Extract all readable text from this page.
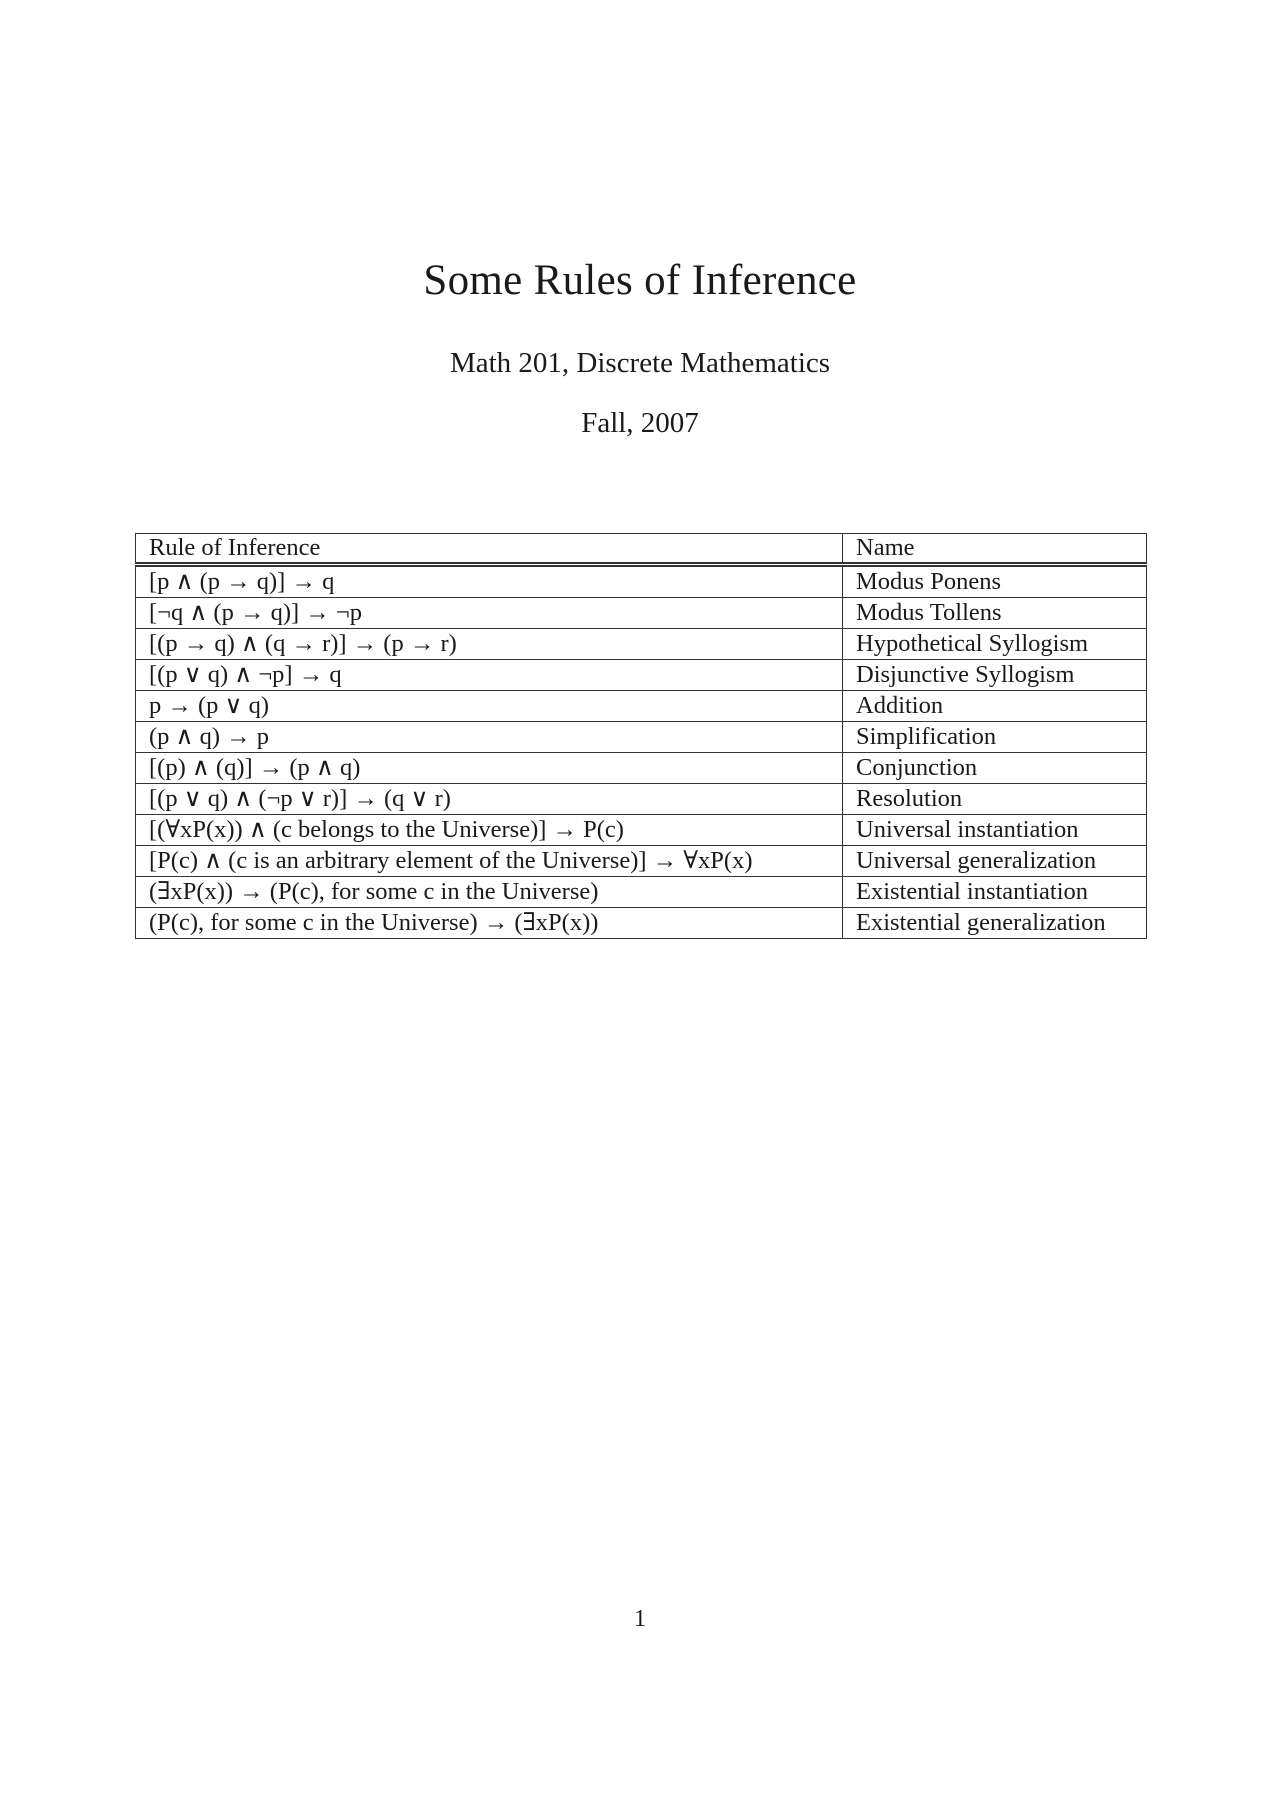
Some Rules of Inference
Math 201, Discrete Mathematics
Fall, 2007
Rule of Inference	Name
[p ∧ (p → q)] → q	Modus Ponens
[¬q ∧ (p → q)] → ¬p	Modus Tollens
[(p → q) ∧ (q → r)] → (p → r)	Hypothetical Syllogism
[(p ∨ q) ∧ ¬p] → q	Disjunctive Syllogism
p → (p ∨ q)	Addition
(p ∧ q) → p	Simplification
[(p) ∧ (q)] → (p ∧ q)	Conjunction
[(p ∨ q) ∧ (¬p ∨ r)] → (q ∨ r)	Resolution
[(∀xP(x)) ∧ (c belongs to the Universe)] → P(c)	Universal instantiation
[P(c) ∧ (c is an arbitrary element of the Universe)] → ∀xP(x)	Universal generalization
(∃xP(x)) → (P(c), for some c in the Universe)	Existential instantiation
(P(c), for some c in the Universe) → (∃xP(x))	Existential generalization
1
